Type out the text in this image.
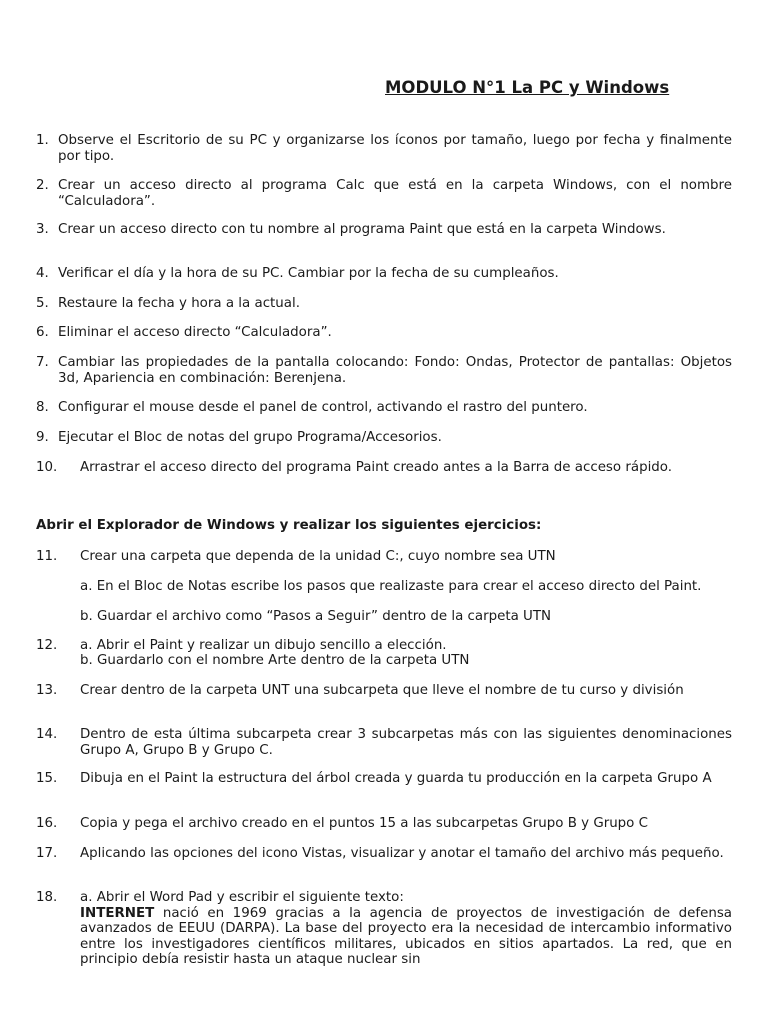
MODULO N°1 La PC y Windows
1. Observe el Escritorio de su PC y organizarse los íconos por tamaño, luego por fecha y finalmente por tipo.
2. Crear un acceso directo al programa Calc que está en la carpeta Windows, con el nombre “Calculadora”.
3. Crear un acceso directo con tu nombre al programa Paint que está en la carpeta Windows.
4. Verificar el día y la hora de su PC. Cambiar por la fecha de su cumpleaños.
5. Restaure la fecha y hora a la actual.
6. Eliminar el acceso directo “Calculadora”.
7. Cambiar las propiedades de la pantalla colocando: Fondo: Ondas, Protector de pantallas: Objetos 3d, Apariencia en combinación: Berenjena.
8. Configurar el mouse desde el panel de control, activando el rastro del puntero.
9. Ejecutar el Bloc de notas del grupo Programa/Accesorios.
10. Arrastrar el acceso directo del programa Paint creado antes a la Barra de acceso rápido.

Abrir el Explorador de Windows y realizar los siguientes ejercicios:

11. Crear una carpeta que dependa de la unidad C:, cuyo nombre sea UTN
a. En el Bloc de Notas escribe los pasos que realizaste para crear el acceso directo del Paint.
b. Guardar el archivo como “Pasos a Seguir” dentro de la carpeta UTN
12. a. Abrir el Paint y realizar un dibujo sencillo a elección.
b. Guardarlo con el nombre Arte dentro de la carpeta UTN
13. Crear dentro de la carpeta UNT una subcarpeta que lleve el nombre de tu curso y división
14. Dentro de esta última subcarpeta crear 3 subcarpetas más con las siguientes denominaciones Grupo A, Grupo B y Grupo C.
15. Dibuja en el Paint la estructura del árbol creada y guarda tu producción en la carpeta Grupo A
16. Copia y pega el archivo creado en el puntos 15 a las subcarpetas Grupo B y Grupo C
17. Aplicando las opciones del icono Vistas, visualizar y anotar el tamaño del archivo más pequeño.
18. a. Abrir el Word Pad y escribir el siguiente texto:
INTERNET nació en 1969 gracias a la agencia de proyectos de investigación de defensa avanzados de EEUU (DARPA). La base del proyecto era la necesidad de intercambio informativo entre los investigadores científicos militares, ubicados en sitios apartados. La red, que en principio debía resistir hasta un ataque nuclear sin
